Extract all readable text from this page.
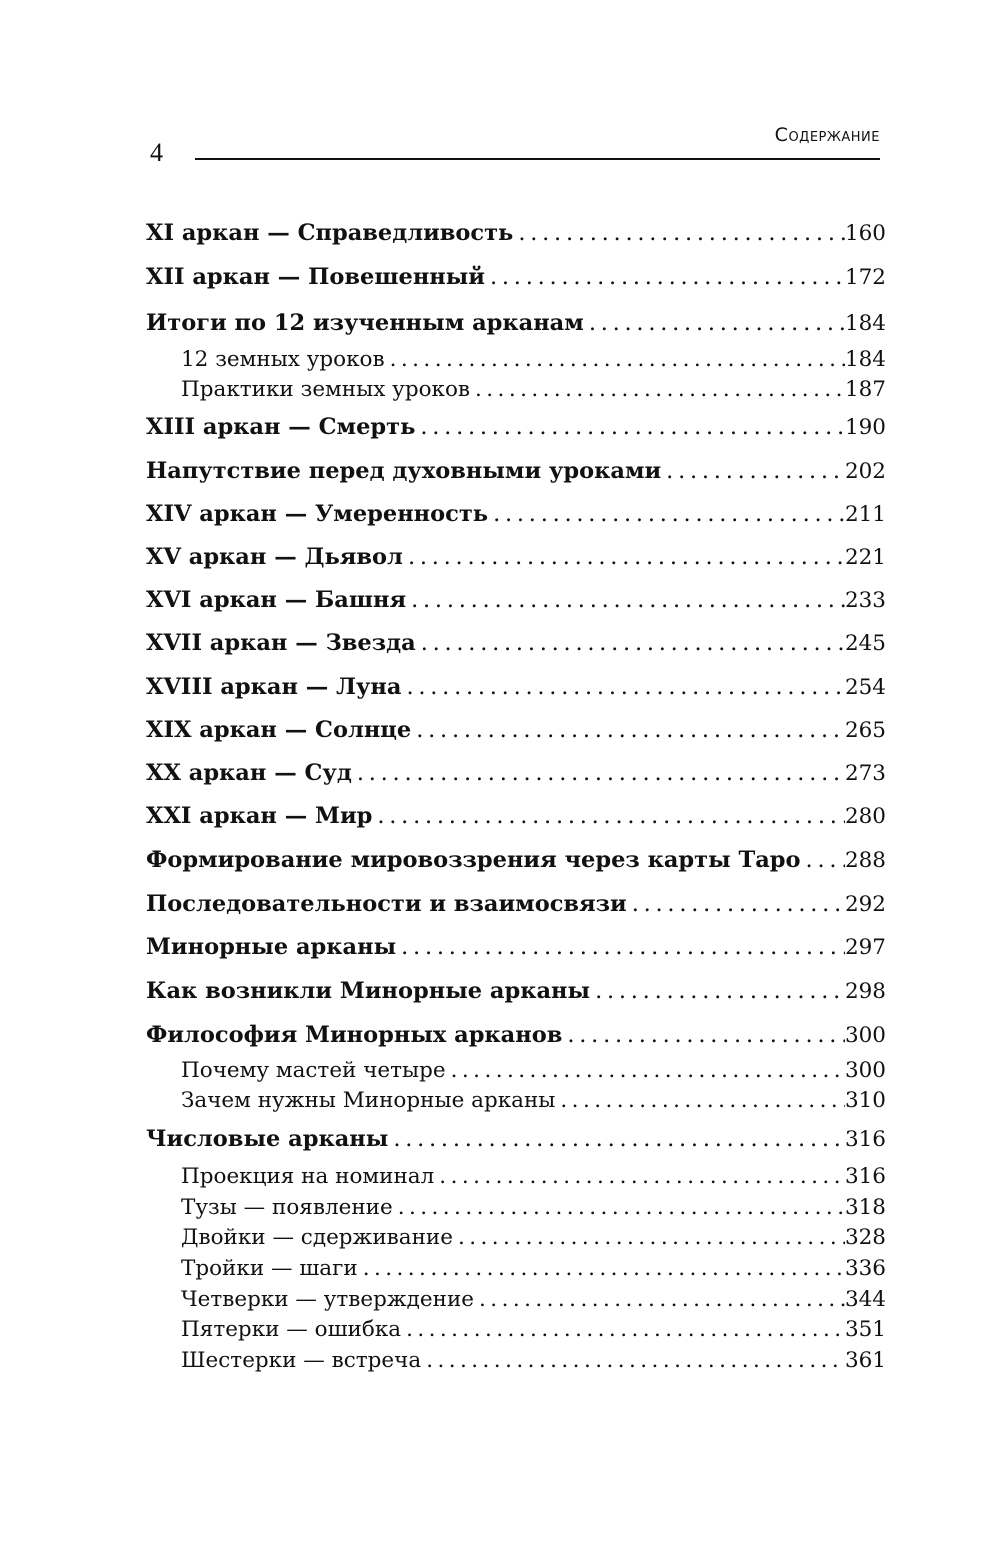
4
Содержание
XI аркан — Справедливость . . .	160
XII аркан — Повешенный . . .	172
Итоги по 12 изученным арканам . . .	184
12 земных уроков . . .	184
Практики земных уроков . . .	187
XIII аркан — Смерть . . .	190
Напутствие перед духовными уроками . . .	202
XIV аркан — Умеренность . . .	211
XV аркан — Дьявол . . .	221
XVI аркан — Башня . . .	233
XVII аркан — Звезда . . .	245
XVIII аркан — Луна . . .	254
XIX аркан — Солнце . . .	265
XX аркан — Суд . . .	273
XXI аркан — Мир . . .	280
Формирование мировоззрения через карты Таро . . . 288
Последовательности и взаимосвязи . . .	292
Минорные арканы . . .	297
Как возникли Минорные арканы . . .	298
Философия Минорных арканов . . .	300
Почему мастей четыре . . .	300
Зачем нужны Минорные арканы . . .	310
Числовые арканы . . .	316
Проекция на номинал . . .	316
Тузы — появление . . .	318
Двойки — сдерживание . . .	328
Тройки — шаги . . .	336
Четверки — утверждение . . .	344
Пятерки — ошибка . . .	351
Шестерки — встреча . . .	361
